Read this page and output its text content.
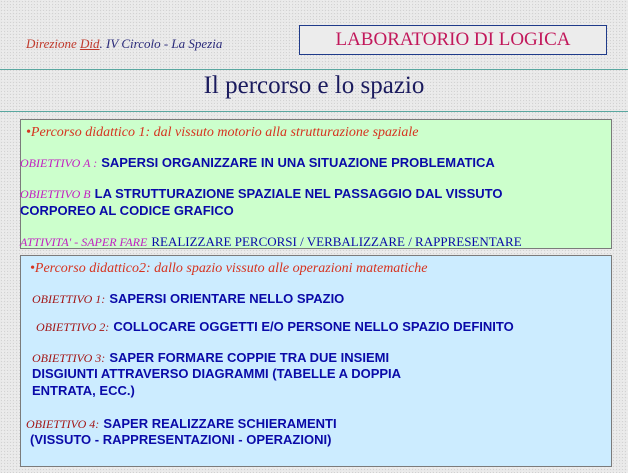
Direzione Did. IV Circolo - La Spezia	LABORATORIO DI LOGICA
Il percorso e lo spazio
•Percorso didattico 1: dal vissuto motorio alla strutturazione spaziale
OBIETTIVO A : SAPERSI ORGANIZZARE IN UNA SITUAZIONE PROBLEMATICA
OBIETTIVO B LA STRUTTURAZIONE SPAZIALE NEL PASSAGGIO DAL VISSUTO
CORPOREO AL CODICE GRAFICO
ATTIVITA' - SAPER FARE REALIZZARE PERCORSI / VERBALIZZARE / RAPPRESENTARE
•Percorso didattico2: dallo spazio vissuto alle operazioni matematiche
OBIETTIVO 1: SAPERSI ORIENTARE NELLO SPAZIO
OBIETTIVO 2: COLLOCARE OGGETTI E/O PERSONE NELLO SPAZIO DEFINITO
OBIETTIVO 3: SAPER FORMARE COPPIE TRA DUE INSIEMI
DISGIUNTI ATTRAVERSO DIAGRAMMI (TABELLE A DOPPIA
ENTRATA, ECC.)
OBIETTIVO 4: SAPER REALIZZARE SCHIERAMENTI
(VISSUTO - RAPPRESENTAZIONI - OPERAZIONI)
